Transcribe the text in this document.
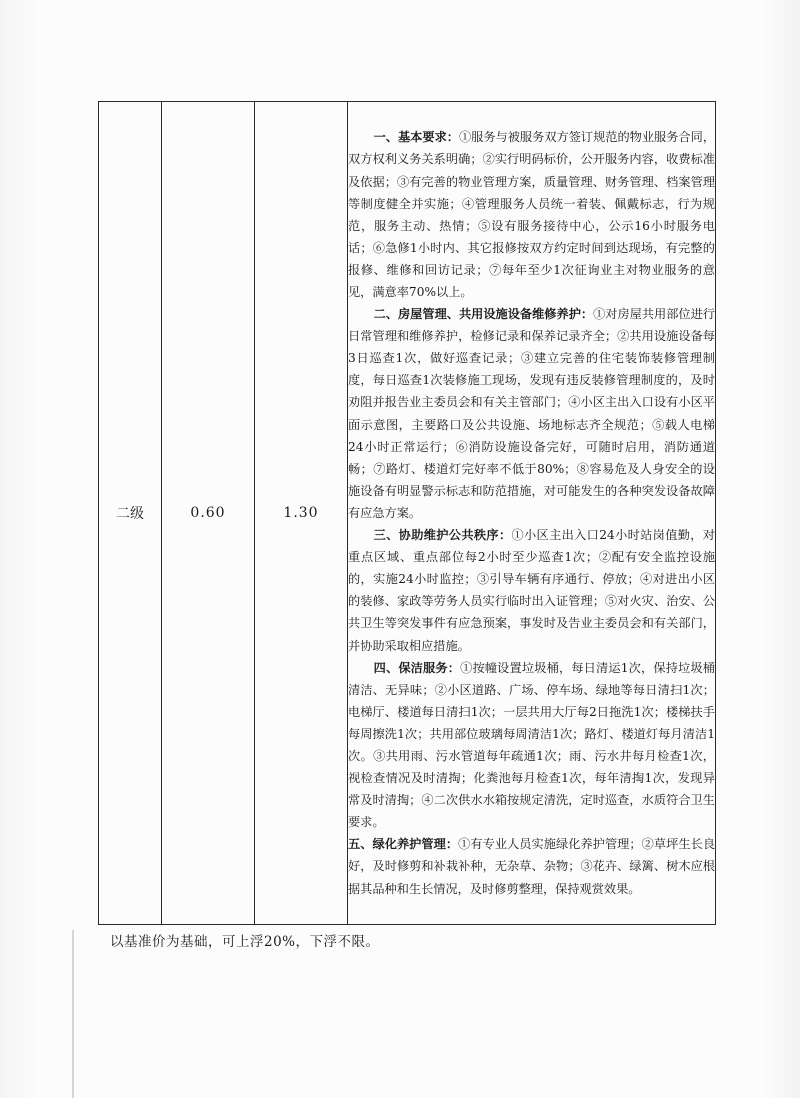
二级	0.60	1.30	

一、基本要求：①服务与被服务双方签订规范的物业服务合同，双方权利义务关系明确；②实行明码标价，公开服务内容，收费标准及依据；③有完善的物业管理方案，质量管理、财务管理、档案管理等制度健全并实施；④管理服务人员统一着装、佩戴标志，行为规范，服务主动、热情；⑤设有服务接待中心，公示16小时服务电话；⑥急修1小时内、其它报修按双方约定时间到达现场，有完整的报修、维修和回访记录；⑦每年至少1次征询业主对物业服务的意见，满意率70%以上。

二、房屋管理、共用设施设备维修养护：①对房屋共用部位进行日常管理和维修养护，检修记录和保养记录齐全；②共用设施设备每3日巡查1次，做好巡查记录；③建立完善的住宅装饰装修管理制度，每日巡查1次装修施工现场，发现有违反装修管理制度的，及时劝阻并报告业主委员会和有关主管部门；④小区主出入口设有小区平面示意图，主要路口及公共设施、场地标志齐全规范；⑤载人电梯24小时正常运行；⑥消防设施设备完好，可随时启用，消防通道畅；⑦路灯、楼道灯完好率不低于80%；⑧容易危及人身安全的设施设备有明显警示标志和防范措施，对可能发生的各种突发设备故障有应急方案。

三、协助维护公共秩序：①小区主出入口24小时站岗值勤，对重点区域、重点部位每2小时至少巡查1次；②配有安全监控设施的，实施24小时监控；③引导车辆有序通行、停放；④对进出小区的装修、家政等劳务人员实行临时出入证管理；⑤对火灾、治安、公共卫生等突发事件有应急预案，事发时及告业主委员会和有关部门，并协助采取相应措施。

四、保洁服务：①按幢设置垃圾桶，每日清运1次，保持垃圾桶清洁、无异味；②小区道路、广场、停车场、绿地等每日清扫1次；电梯厅、楼道每日清扫1次；一层共用大厅每2日拖洗1次；楼梯扶手每周擦洗1次；共用部位玻璃每周清洁1次；路灯、楼道灯每月清洁1次。③共用雨、污水管道每年疏通1次；雨、污水井每月检查1次，视检查情况及时清掏；化粪池每月检查1次，每年清掏1次，发现异常及时清掏；④二次供水水箱按规定清洗，定时巡查，水质符合卫生要求。

五、绿化养护管理：①有专业人员实施绿化养护管理；②草坪生长良好，及时修剪和补栽补种，无杂草、杂物；③花卉、绿篱、树木应根据其品种和生长情况，及时修剪整理，保持观赏效果。

以基准价为基础，可上浮20%，下浮不限。
